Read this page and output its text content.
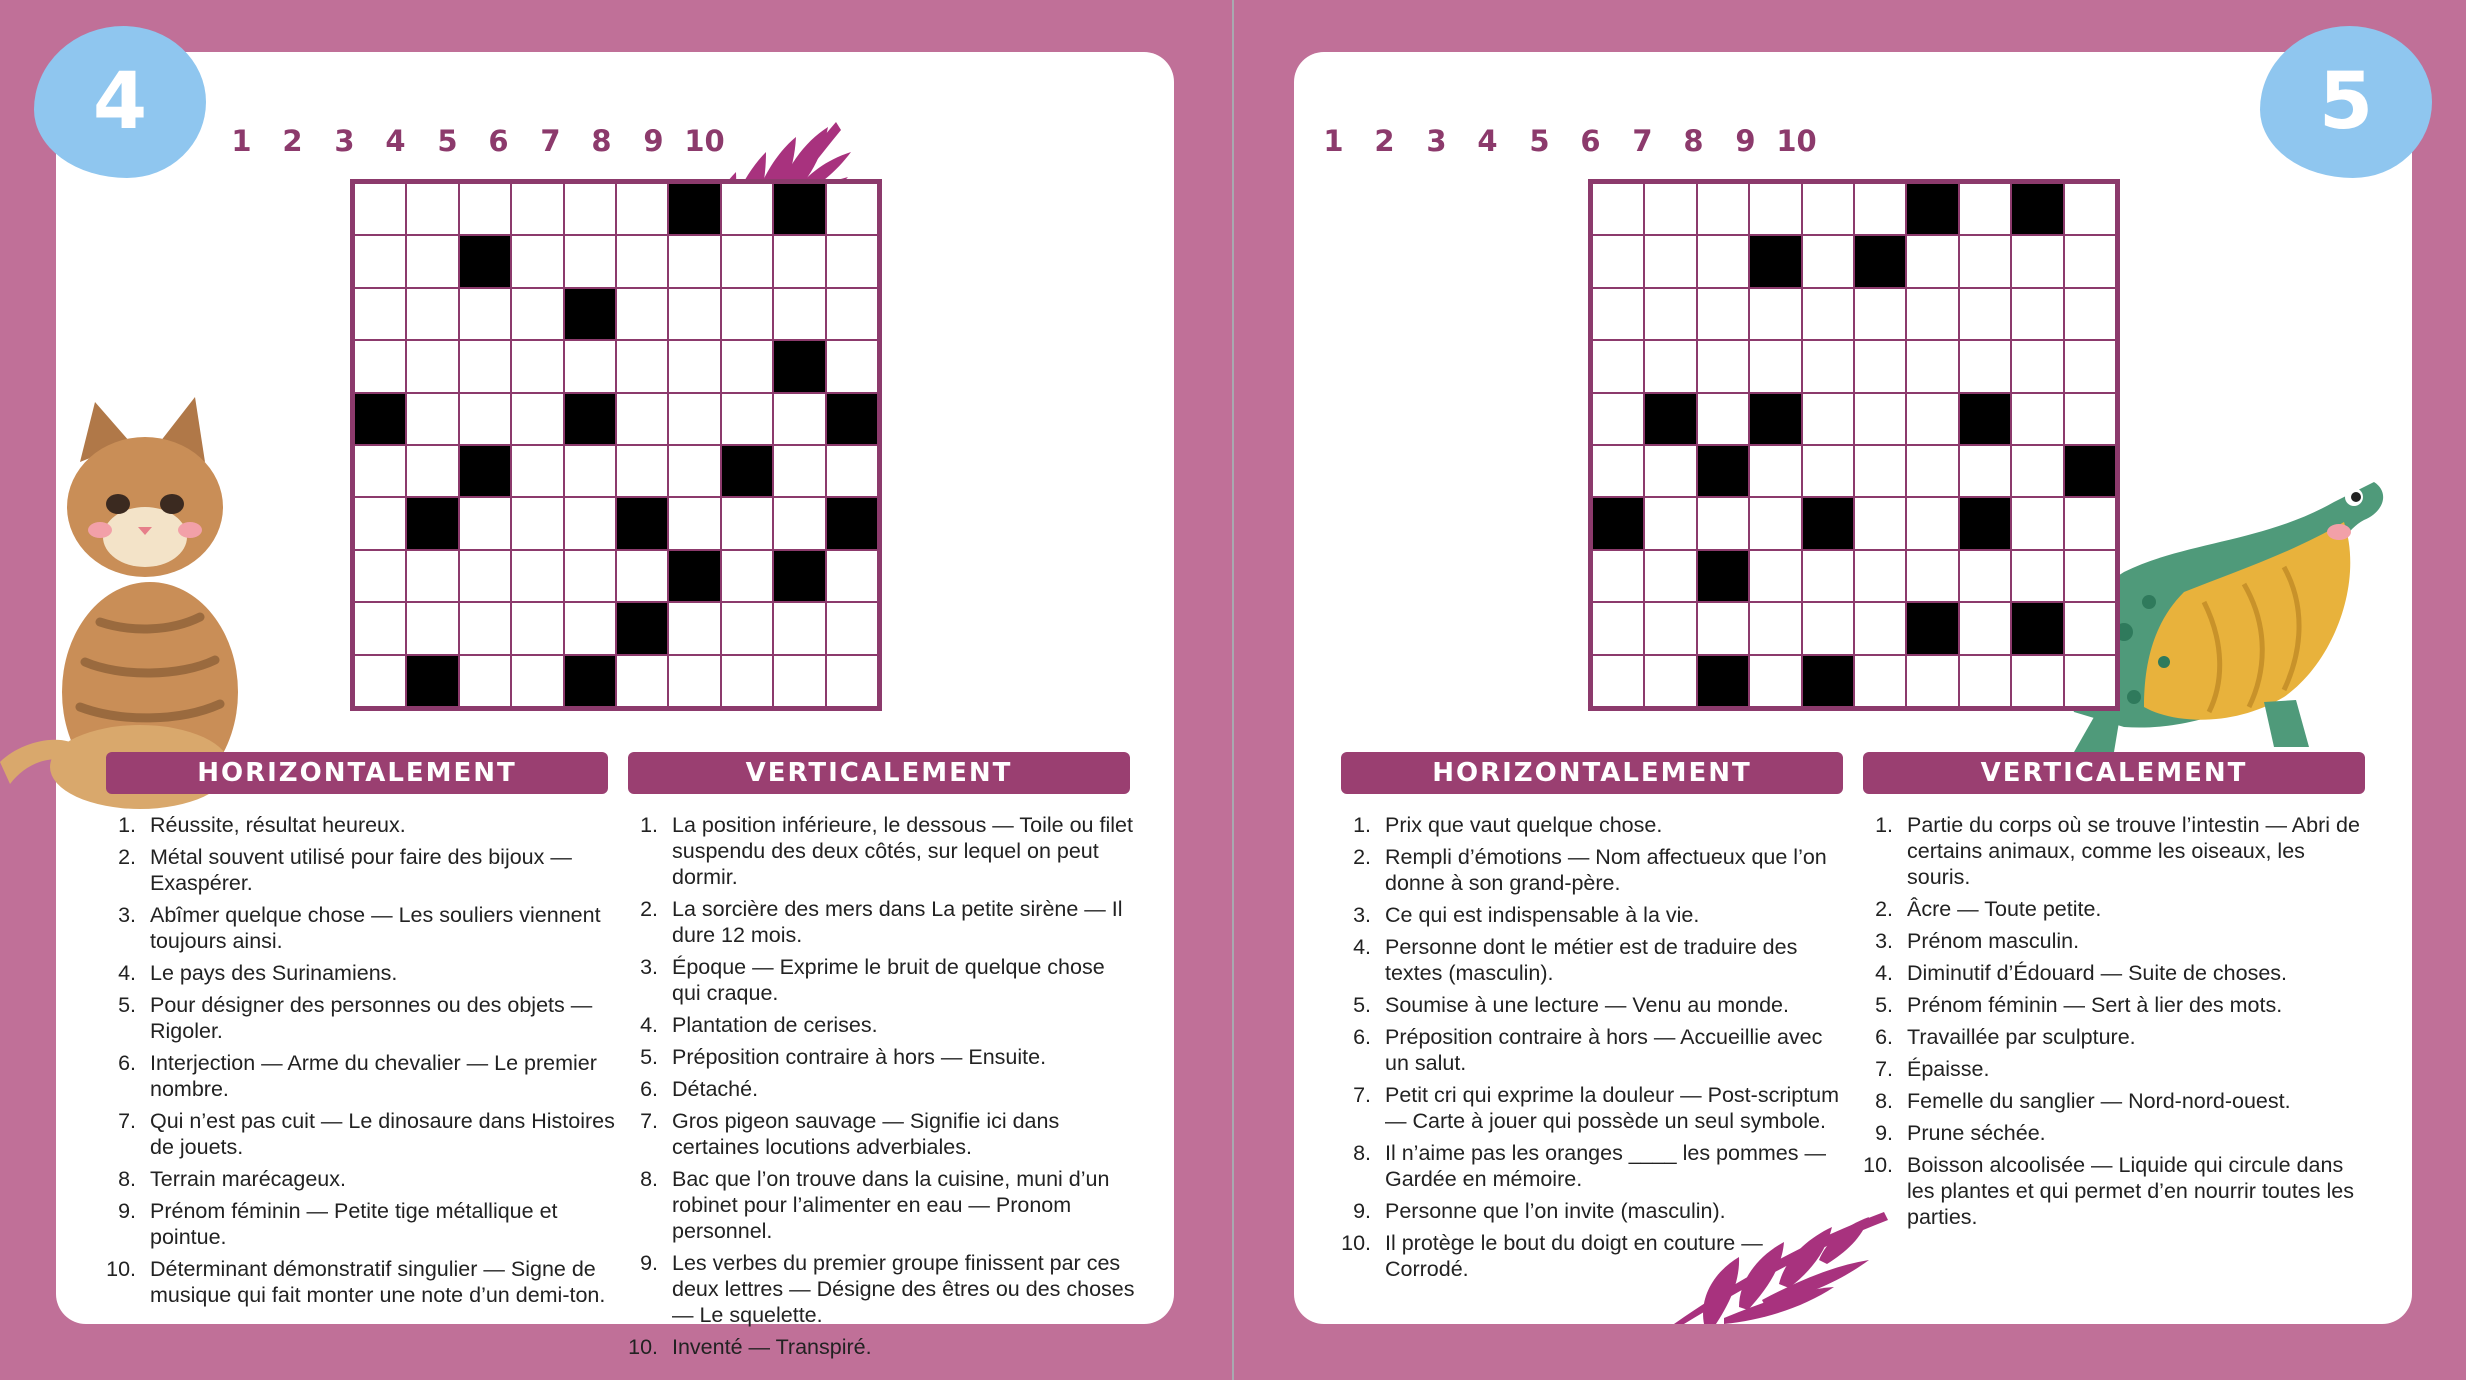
4	1	2	3	4	5	6	7	8	9 10
HORIZONTALEMENT	VERTICALEMENT
1. Réussite, résultat heureux.
2. Métal souvent utilisé pour faire des bijoux — Exaspérer.
3. Abîmer quelque chose — Les souliers viennent toujours ainsi.
4. Le pays des Surinamiens.
5. Pour désigner des personnes ou des objets — Rigoler.
6. Interjection — Arme du chevalier — Le premier nombre.
7. Qui n’est pas cuit — Le dinosaure dans Histoires de jouets.
8. Terrain marécageux.
9. Prénom féminin — Petite tige métallique et pointue.
10. Déterminant démonstratif singulier — Signe de musique qui fait monter une note d’un demi-ton.
1. La position inférieure, le dessous — Toile ou filet suspendu des deux côtés, sur lequel on peut dormir.
2. La sorcière des mers dans La petite sirène — Il dure 12 mois.
3. Époque — Exprime le bruit de quelque chose qui craque.
4. Plantation de cerises.
5. Préposition contraire à hors — Ensuite.
6. Détaché.
7. Gros pigeon sauvage — Signifie ici dans certaines locutions adverbiales.
8. Bac que l’on trouve dans la cuisine, muni d’un robinet pour l’alimenter en eau — Pronom personnel.
9. Les verbes du premier groupe finissent par ces deux lettres — Désigne des êtres ou des choses — Le squelette.
10. Inventé — Transpiré.
5
1	2	3	4	5	6	7	8	9 10
HORIZONTALEMENT	VERTICALEMENT
1. Prix que vaut quelque chose.
2. Rempli d’émotions — Nom affectueux que l’on donne à son grand-père.
3. Ce qui est indispensable à la vie.
4. Personne dont le métier est de traduire des textes (masculin).
5. Soumise à une lecture — Venu au monde.
6. Préposition contraire à hors — Accueillie avec un salut.
7. Petit cri qui exprime la douleur — Post-scriptum — Carte à jouer qui possède un seul symbole.
8. Il n’aime pas les oranges ____ les pommes — Gardée en mémoire.
9. Personne que l’on invite (masculin).
10. Il protège le bout du doigt en couture — Corrodé.
1. Partie du corps où se trouve l’intestin — Abri de certains animaux, comme les oiseaux, les souris.
2. Âcre — Toute petite.
3. Prénom masculin.
4. Diminutif d’Édouard — Suite de choses.
5. Prénom féminin — Sert à lier des mots.
6. Travaillée par sculpture.
7. Épaisse.
8. Femelle du sanglier — Nord-nord-ouest.
9. Prune séchée.
10. Boisson alcoolisée — Liquide qui circule dans les plantes et qui permet d’en nourrir toutes les parties.
